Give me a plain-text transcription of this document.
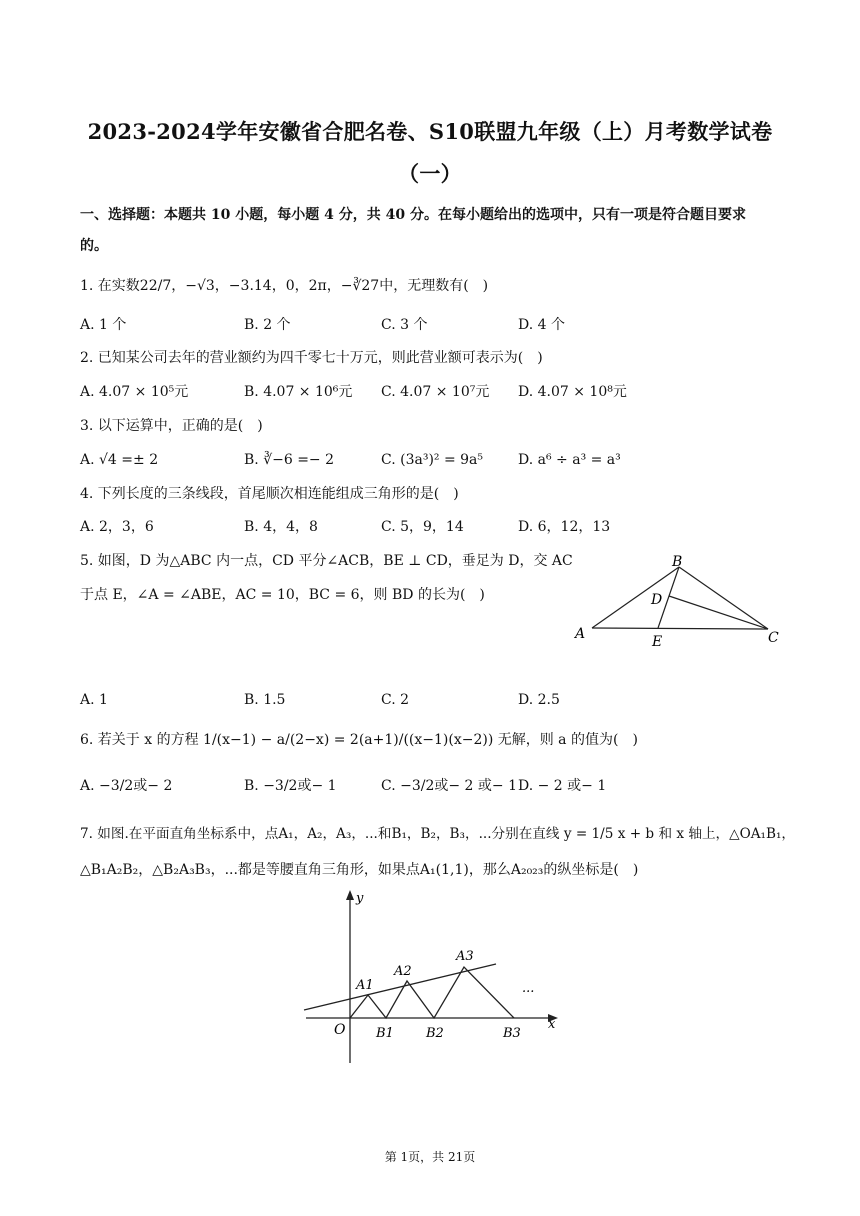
2023-2024学年安徽省合肥名卷、S10联盟九年级（上）月考数学试卷
（一）
一、选择题：本题共 10 小题，每小题 4 分，共 40 分。在每小题给出的选项中，只有一项是符合题目要求
的。
1. 在实数22/7，−√3，−3.14，0，2π，−∛27中，无理数有(　)
A. 1 个	B. 2 个	C. 3 个	D. 4 个
2. 已知某公司去年的营业额约为四千零七十万元，则此营业额可表示为(　)
A. 4.07 × 10⁵元	B. 4.07 × 10⁶元 C. 4.07 × 10⁷元 D. 4.07 × 10⁸元
3. 以下运算中，正确的是(　)
A. √4 =± 2	B. ∛−6 =− 2	C. (3a³)² = 9a⁵ D. a⁶ ÷ a³ = a³
4. 下列长度的三条线段，首尾顺次相连能组成三角形的是(　)
A. 2，3，6	B. 4，4，8	C. 5，9，14	D. 6，12，13
5. 如图，D 为△ABC 内一点，CD 平分∠ACB，BE ⊥ CD，垂足为 D，交 AC
于点 E，∠A = ∠ABE，AC = 10，BC = 6，则 BD 的长为(　)
B
D
A	E	C
A. 1	B. 1.5	C. 2	D. 2.5
6. 若关于 x 的方程 1/(x−1) − a/(2−x) = 2(a+1)/((x−1)(x−2)) 无解，则 a 的值为(　)
A. −3/2或− 2	B. −3/2或− 1	C. −3/2或− 2 或− 1 D. − 2 或− 1
7. 如图.在平面直角坐标系中，点A₁，A₂，A₃，...和B₁，B₂，B₃，...分别在直线 y = 1/5 x + b 和 x 轴上，△OA₁B₁，
△B₁A₂B₂，△B₂A₃B₃，...都是等腰直角三角形，如果点A₁(1,1)，那么A₂₀₂₃的纵坐标是(　)
y
x
O
A1
A2
A3
B1 B2	B3
...
第 1页，共 21页
